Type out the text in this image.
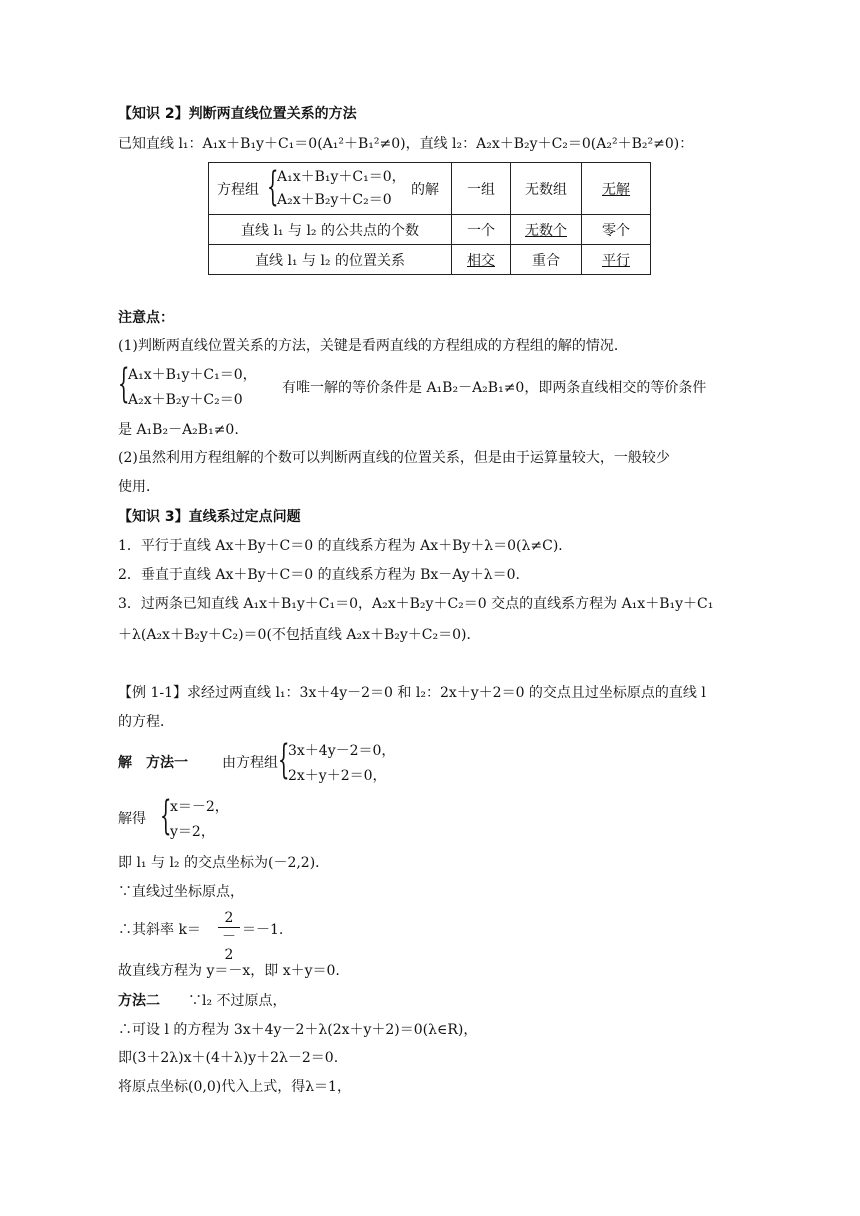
【知识 2】判断两直线位置关系的方法
已知直线 l₁：A₁x＋B₁y＋C₁＝0(A₁²＋B₁²≠0)，直线 l₂：A₂x＋B₂y＋C₂＝0(A₂²＋B₂²≠0)：
方程组 {
A₁x＋B₁y＋C₁＝0，
A₂x＋B₂y＋C₂＝0
的解	一组	无数组	无解
直线 l₁ 与 l₂ 的公共点的个数	一个	无数个	零个
直线 l₁ 与 l₂ 的位置关系	相交	重合	平行
注意点：
(1)判断两直线位置关系的方法，关键是看两直线的方程组成的方程组的解的情况．
{
A₁x＋B₁y＋C₁＝0，
A₂x＋B₂y＋C₂＝0
有唯一解的等价条件是 A₁B₂－A₂B₁≠0，即两条直线相交的等价条件
是 A₁B₂－A₂B₁≠0.
(2)虽然利用方程组解的个数可以判断两直线的位置关系，但是由于运算量较大，一般较少
使用．
【知识 3】直线系过定点问题
1．平行于直线 Ax＋By＋C＝0 的直线系方程为 Ax＋By＋λ＝0(λ≠C)．
2．垂直于直线 Ax＋By＋C＝0 的直线系方程为 Bx－Ay＋λ＝0.
3．过两条已知直线 A₁x＋B₁y＋C₁＝0，A₂x＋B₂y＋C₂＝0 交点的直线系方程为 A₁x＋B₁y＋C₁
＋λ(A₂x＋B₂y＋C₂)＝0(不包括直线 A₂x＋B₂y＋C₂＝0)．
【例 1-1】求经过两直线 l₁：3x＋4y－2＝0 和 l₂：2x＋y＋2＝0 的交点且过坐标原点的直线 l
的方程．
解　方法一 由方程组 {
3x＋4y－2＝0，
2x＋y＋2＝0，
解得 {
x＝－2，
y＝2，
即 l₁ 与 l₂ 的交点坐标为(－2,2)．
∵直线过坐标原点，
∴其斜率 $k= \frac{2}{-2} =-1$.
故直线方程为 y＝－x，即 x＋y＝0.
方法二 　∵l₂ 不过原点，
∴可设 l 的方程为 3x＋4y－2＋λ(2x＋y＋2)＝0(λ∈R)，
即(3＋2λ)x＋(4＋λ)y＋2λ－2＝0.
将原点坐标(0,0)代入上式，得λ＝1，
